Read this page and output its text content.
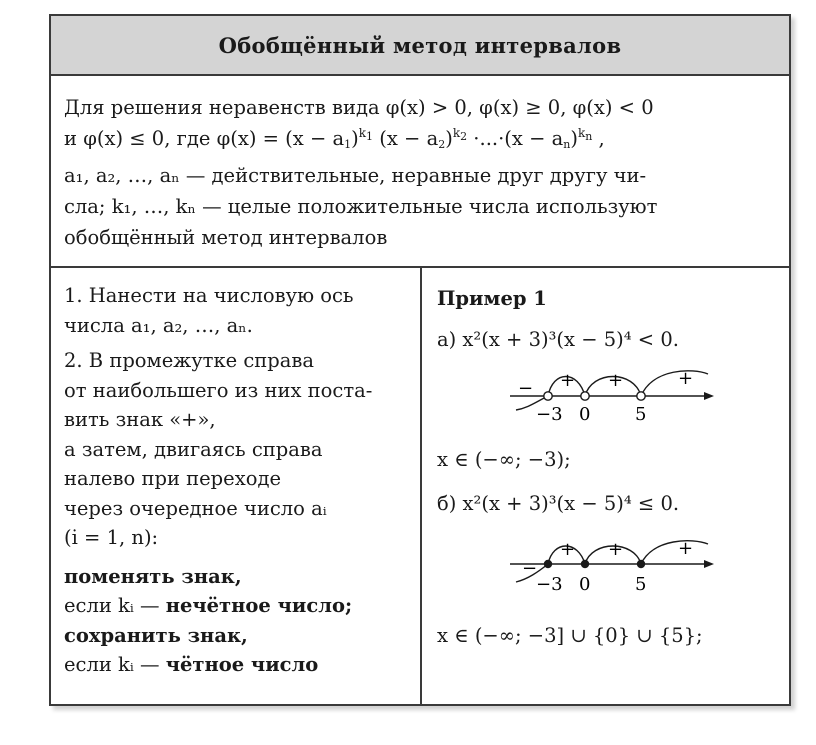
Обобщённый метод интервалов
Для решения неравенств вида φ(x) > 0, φ(x) ≥ 0, φ(x) < 0
и φ(x) ≤ 0, где $\varphi(x) = (x - a_1)^{k_1}$ $(x - a_2)^{k_2} \cdot...\cdot(x - a_n)^{k_n}$ ,
a₁, a₂, …, aₙ — действительные, неравные друг другу чи-
сла; k₁, …, kₙ — целые положительные числа используют
обобщённый метод интервалов
1. Нанести на числовую ось
числа a₁, a₂, …, aₙ.
2. В промежутке справа
от наибольшего из них поста-
вить знак «+»,
а затем, двигаясь справа
налево при переходе
через очередное число aᵢ
(i = 1, n):
поменять знак,
если kᵢ — нечётное число;
сохранить знак,
если kᵢ — чётное число
Пример 1
а) x²(x + 3)³(x − 5)⁴ < 0.
− + +	+
−3 0 5
x ∈ (−∞; −3);
б) x²(x + 3)³(x − 5)⁴ ≤ 0.
−
+ +	+
−3 0 5
x ∈ (−∞; −3] ∪ {0} ∪ {5};
